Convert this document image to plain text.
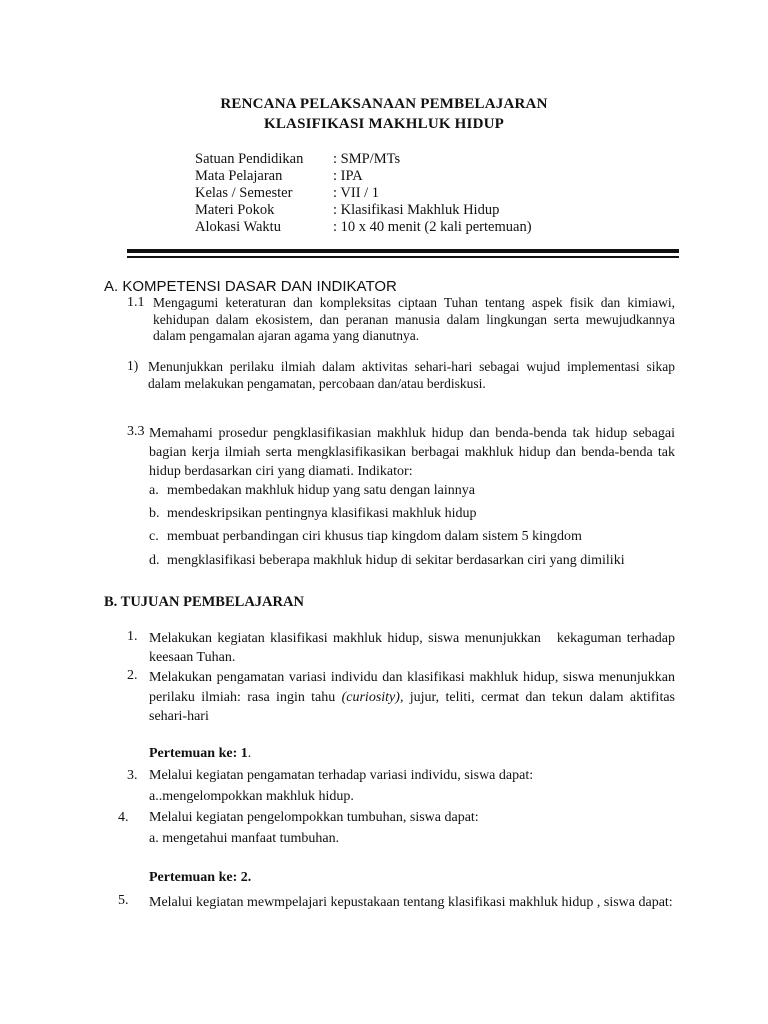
RENCANA PELAKSANAAN PEMBELAJARAN
KLASIFIKASI MAKHLUK HIDUP
Satuan Pendidikan : SMP/MTs
Mata Pelajaran	: IPA
Kelas / Semester	: VII / 1
Materi Pokok	: Klasifikasi Makhluk Hidup
Alokasi Waktu	: 10 x 40 menit (2 kali pertemuan)
A. KOMPETENSI DASAR DAN INDIKATOR
1.1 Mengagumi keteraturan dan kompleksitas ciptaan Tuhan tentang aspek fisik dan kimiawi, kehidupan dalam ekosistem, dan peranan manusia dalam lingkungan serta mewujudkannya dalam pengamalan ajaran agama yang dianutnya.
1) Menunjukkan perilaku ilmiah dalam aktivitas sehari-hari sebagai wujud implementasi sikap dalam melakukan pengamatan, percobaan dan/atau berdiskusi.
3.3 Memahami prosedur pengklasifikasian makhluk hidup dan benda-benda tak hidup sebagai bagian kerja ilmiah serta mengklasifikasikan berbagai makhluk hidup dan benda-benda tak hidup berdasarkan ciri yang diamati. Indikator:
a. membedakan makhluk hidup yang satu dengan lainnya
b. mendeskripsikan pentingnya klasifikasi makhluk hidup
c. membuat perbandingan ciri khusus tiap kingdom dalam sistem 5 kingdom
d. mengklasifikasi beberapa makhluk hidup di sekitar berdasarkan ciri yang dimiliki
B. TUJUAN PEMBELAJARAN
1. Melakukan kegiatan klasifikasi makhluk hidup, siswa menunjukkan   kekaguman terhadap keesaan Tuhan.
2. Melakukan pengamatan variasi individu dan klasifikasi makhluk hidup, siswa menunjukkan perilaku ilmiah: rasa ingin tahu (curiosity), jujur, teliti, cermat dan tekun dalam aktifitas sehari-hari
Pertemuan ke: 1.
3. Melalui kegiatan pengamatan terhadap variasi individu, siswa dapat:
a..mengelompokkan makhluk hidup.
4. Melalui kegiatan pengelompokkan tumbuhan, siswa dapat:
a. mengetahui manfaat tumbuhan.
Pertemuan ke: 2.
5. Melalui kegiatan mewmpelajari kepustakaan tentang klasifikasi makhluk hidup , siswa dapat:
